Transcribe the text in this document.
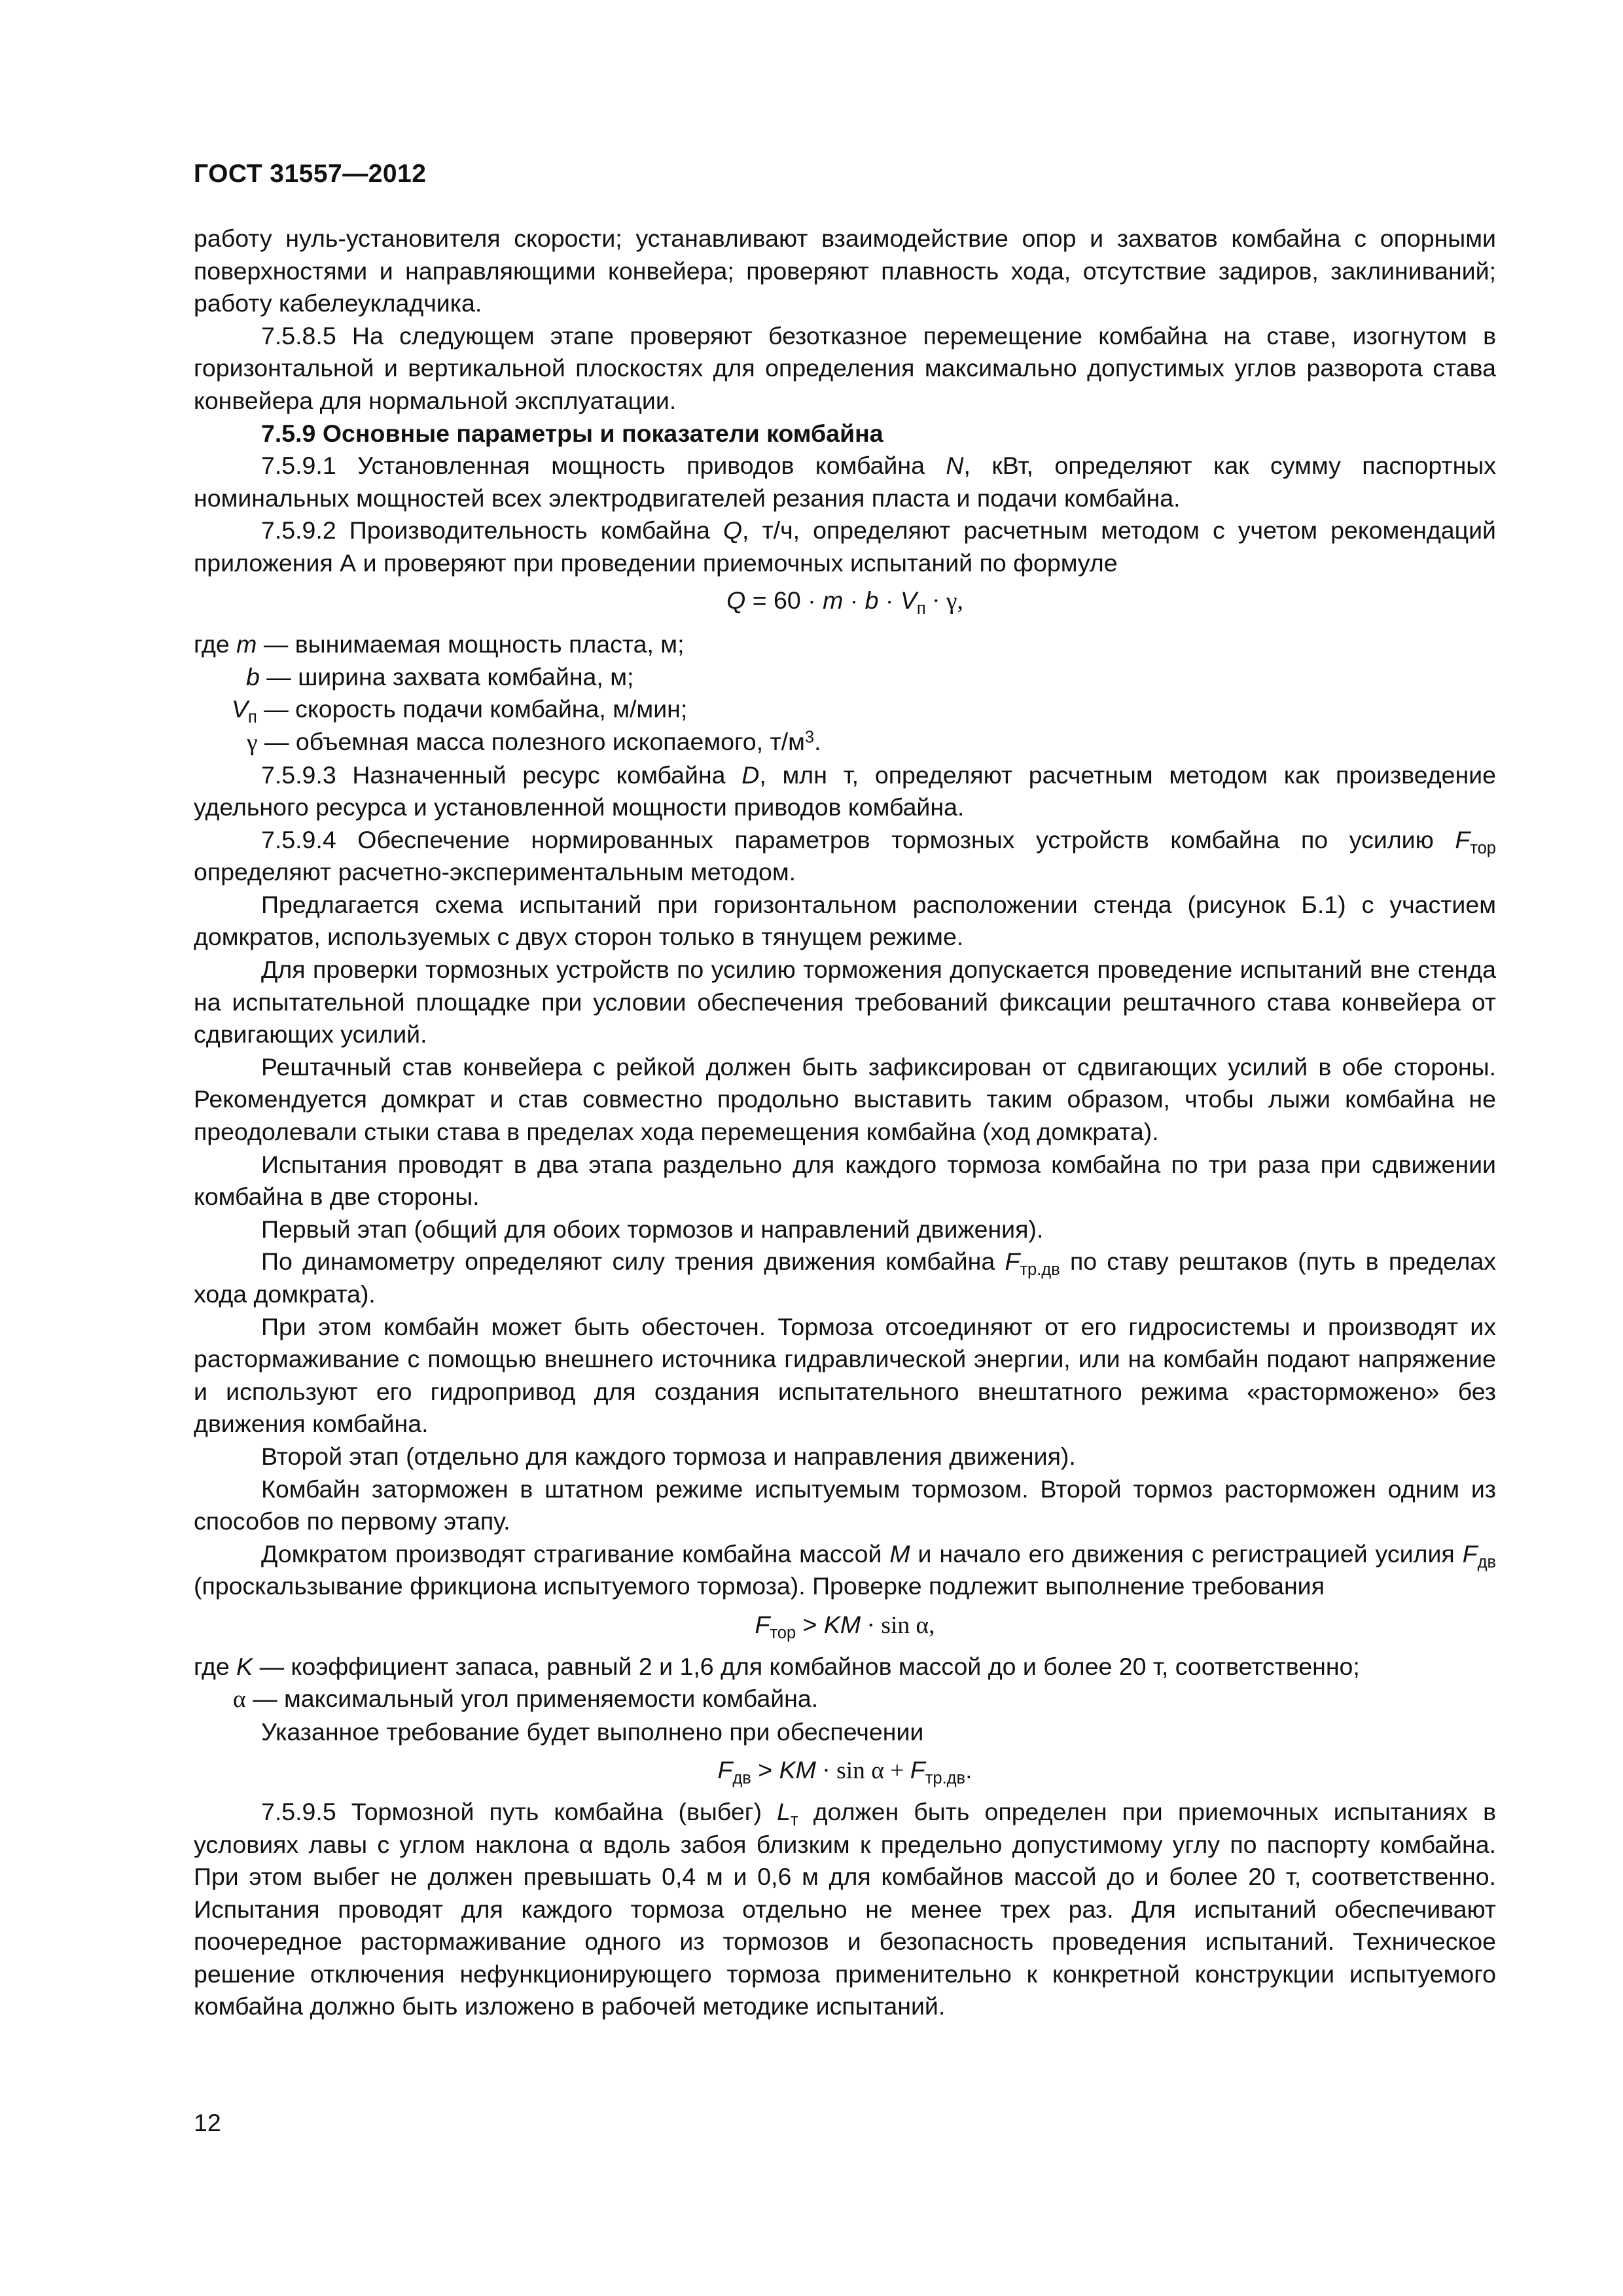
ГОСТ 31557—2012

работу нуль-установителя скорости; устанавливают взаимодействие опор и захватов комбайна с опорными поверхностями и направляющими конвейера; проверяют плавность хода, отсутствие задиров, заклиниваний; работу кабелеукладчика.

7.5.8.5 На следующем этапе проверяют безотказное перемещение комбайна на ставе, изогнутом в горизонтальной и вертикальной плоскостях для определения максимально допустимых углов разворота става конвейера для нормальной эксплуатации.

7.5.9 Основные параметры и показатели комбайна

7.5.9.1 Установленная мощность приводов комбайна N, кВт, определяют как сумму паспортных номинальных мощностей всех электродвигателей резания пласта и подачи комбайна.

7.5.9.2 Производительность комбайна Q, т/ч, определяют расчетным методом с учетом рекомендаций приложения А и проверяют при проведении приемочных испытаний по формуле

$Q = 60 \cdot m \cdot b \cdot V_п \cdot \gamma$,

где m — вынимаемая мощность пласта, м;

b — ширина захвата комбайна, м;

$V_п$ — скорость подачи комбайна, м/мин;

γ — объемная масса полезного ископаемого, $т/м^3$.

7.5.9.3 Назначенный ресурс комбайна D, млн т, определяют расчетным методом как произведение удельного ресурса и установленной мощности приводов комбайна.

7.5.9.4 Обеспечение нормированных параметров тормозных устройств комбайна по усилию $F_{тор}$ определяют расчетно-экспериментальным методом.

Предлагается схема испытаний при горизонтальном расположении стенда (рисунок Б.1) с участием домкратов, используемых с двух сторон только в тянущем режиме.

Для проверки тормозных устройств по усилию торможения допускается проведение испытаний вне стенда на испытательной площадке при условии обеспечения требований фиксации рештачного става конвейера от сдвигающих усилий.

Рештачный став конвейера с рейкой должен быть зафиксирован от сдвигающих усилий в обе стороны. Рекомендуется домкрат и став совместно продольно выставить таким образом, чтобы лыжи комбайна не преодолевали стыки става в пределах хода перемещения комбайна (ход домкрата).

Испытания проводят в два этапа раздельно для каждого тормоза комбайна по три раза при сдвижении комбайна в две стороны.

Первый этап (общий для обоих тормозов и направлений движения).

По динамометру определяют силу трения движения комбайна $F_{тр.дв}$ по ставу рештаков (путь в пределах хода домкрата).

При этом комбайн может быть обесточен. Тормоза отсоединяют от его гидросистемы и производят их растормаживание с помощью внешнего источника гидравлической энергии, или на комбайн подают напряжение и используют его гидропривод для создания испытательного внештатного режима «расторможено» без движения комбайна.

Второй этап (отдельно для каждого тормоза и направления движения).

Комбайн заторможен в штатном режиме испытуемым тормозом. Второй тормоз расторможен одним из способов по первому этапу.

Домкратом производят страгивание комбайна массой M и начало его движения с регистрацией усилия $F_{дв}$ (проскальзывание фрикциона испытуемого тормоза). Проверке подлежит выполнение требования

$F_{тор}$ > KM · sin α,

где K — коэффициент запаса, равный 2 и 1,6 для комбайнов массой до и более 20 т, соответственно;

α — максимальный угол применяемости комбайна.

Указанное требование будет выполнено при обеспечении

$F_{дв}$ > KM · $\sin \alpha + F_{тр.дв}$.

7.5.9.5 Тормозной путь комбайна (выбег) $L_т$ должен быть определен при приемочных испытаниях в условиях лавы с углом наклона α вдоль забоя близким к предельно допустимому углу по паспорту комбайна. При этом выбег не должен превышать 0,4 м и 0,6 м для комбайнов массой до и более 20 т, соответственно. Испытания проводят для каждого тормоза отдельно не менее трех раз. Для испытаний обеспечивают поочередное растормаживание одного из тормозов и безопасность проведения испытаний. Техническое решение отключения нефункционирующего тормоза применительно к конкретной конструкции испытуемого комбайна должно быть изложено в рабочей методике испытаний.

12
